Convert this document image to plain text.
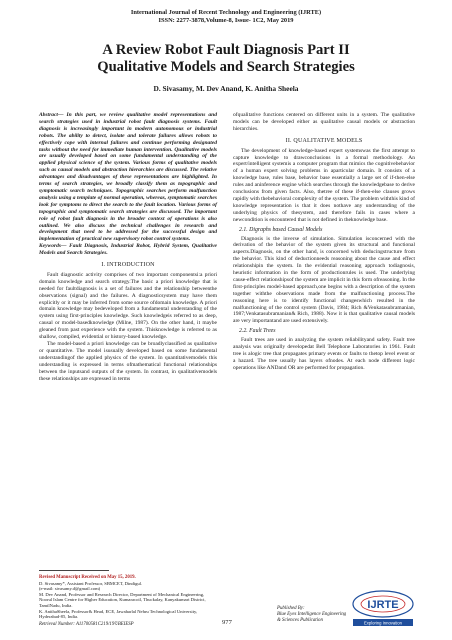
International Journal of Recent Technology and Engineering (IJRTE)
ISSN: 2277-3878,Volume-8, Issue- 1C2, May 2019
A Review Robot Fault Diagnosis Part II
Qualitative Models and Search Strategies
D. Sivasamy, M. Dev Anand, K. Anitha Sheela

Abstract— In this part, we review qualitative model representations and search strategies used in industrial robot fault diagnosis systems. Fault diagnosis is increasingly important in modern autonomous or industrial robots. The ability to detect, isolate and tolerate failures allows robots to effectively cope with internal failures and continue performing designated tasks without the need for immediate human intervention. Qualitative models are usually developed based on some fundamental understanding of the applied physical science of the system. Various forms of qualitative models such as causal models and abstraction hierarchies are discussed. The relative advantages and disadvantages of these representations are highlighted. In terms of search strategies, we broadly classify them as topographic and symptomatic search techniques. Topographic searches perform malfunction analysis using a template of normal operation, whereas, symptomatic searches look for symptoms to direct the search to the fault location. Various forms of topographic and symptomatic search strategies are discussed. The important role of robot fault diagnosis in the broader context of operations is also outlined. We also discuss the technical challenges in research and development that need to be addressed for the successful design and implementation of practical new supervisory robot control systems.

Keywords— Fault Diagnosis, Industrial Robot, Hybrid System, Qualitative Models and Search Strategies.

I. INTRODUCTION

Fault diagnostic activity comprises of two important componentsi:a priori domain knowledge and search strategy.The basic a priori knowledge that is needed for faultdiagnosis is a set of failures and the relationship betweenthe observations (signal) and the failures. A diagnosticsystem may have them explicitly or it may be inferred from some source ofdomain knowledge. A priori domain knowledge may bedeveloped from a fundamental understanding of the system using first-principles knowledge. Such knowledgeis referred to as deep, causal or model-basedknowledge (Milne, 1987). On the other hand, it maybe gleaned from past experience with the system. Thisknowledge is referred to as shallow, compiled, evidential or history-based knowledge.

The model-based a priori knowledge can be broadlyclassified as qualitative or quantitative. The model isusually developed based on some fundamental understandingof the applied physics of the system. In quantitativemodels this understanding is expressed in terms ofmathematical functional relationships between the inputsand outputs of the system. In contrast, in qualitativemodels these relationships are expressed in terms

ofqualitative functions centered on different units in a system. The qualitative models can be developed either as qualitative causal models or abstraction hierarchies.

II. QUALITATIVE MODELS

The development of knowledge-based expert systemswas the first attempt to capture knowledge to drawconclusions in a formal methodology. An expert/intelligent systemis a computer program that mimics the cognitivebehavior of a human expert solving problems in aparticular domain. It consists of a knowledge base, rules base, behavior base essentially a large set of if-then-else rules and aninference engine which searches through the knowledgebase to derive conclusions from given facts. Also, thetree of these if-then-else clauses grows rapidly with thebehavioral complexity of the system. The problem withthis kind of knowledge representation is that it does nothave any understanding of the underlying physics of thesystem, and therefore fails in cases where a newcondition is encountered that is not defined in theknowledge base.

2.1. Digraphs based Causal Models

Diagnosis is the inverse of simulation. Simulation isconcerned with the derivation of the behavior of the system given its structural and functional aspects.Diagnosis, on the other hand, is concerned with deducingstructure from the behavior. This kind of deductionneeds reasoning about the cause and effect relationshipin the system. In the evidential reasoning approach todiagnosis, heuristic information in the form of productionrules is used. The underlying cause-effect relationshipsof the system are implicit in this form ofreasoning. In the first-principles model-based approach,one begins with a description of the system together withthe observations made from the malfunctioning process.The reasoning here is to identify functional changeswhich resulted in the malfunctioning of the control system (Davis, 1984; Rich &Venkatasubramanian, 1987;Venkatasubramanian& Rich, 1988). Now it is that qualitative causal models are very importantand are used extensively.

2.2. Fault Trees

Fault trees are used in analyzing the system reliabilityand safety. Fault tree analysis was originally developedat Bell Telephone Laboratories in 1961. Fault tree is alogic tree that propagates primary events or faults to thetop level event or a hazard. The tree usually has layers ofnodes. At each node different logic operations like ANDand OR are performed for propagation.

Revised Manuscript Received on May 15, 2019.

D. Sivasamy*, Assistant Professor, SBMCET, Dindigul.

(e-mail: sivasamy.d@gmail.com)

M. Dev Anand, Professor and Research Director, Department of Mechanical Engineering, Noorul Islam Centre for Higher Education, Kumaracoil, Thuckalay, Kanyakumari District, TamilNadu, India.

K. AnithaSheela, Professor& Head, ECE, Jawaharlal Nehru Technological University, Hyderabad-85, India.

Retrieval Number: A11700581C219/19©BEIESP	977
Published By:
Blue Eyes Intelligence Engineering
& Sciences Publication
IJRTE
Exploring Innovation
